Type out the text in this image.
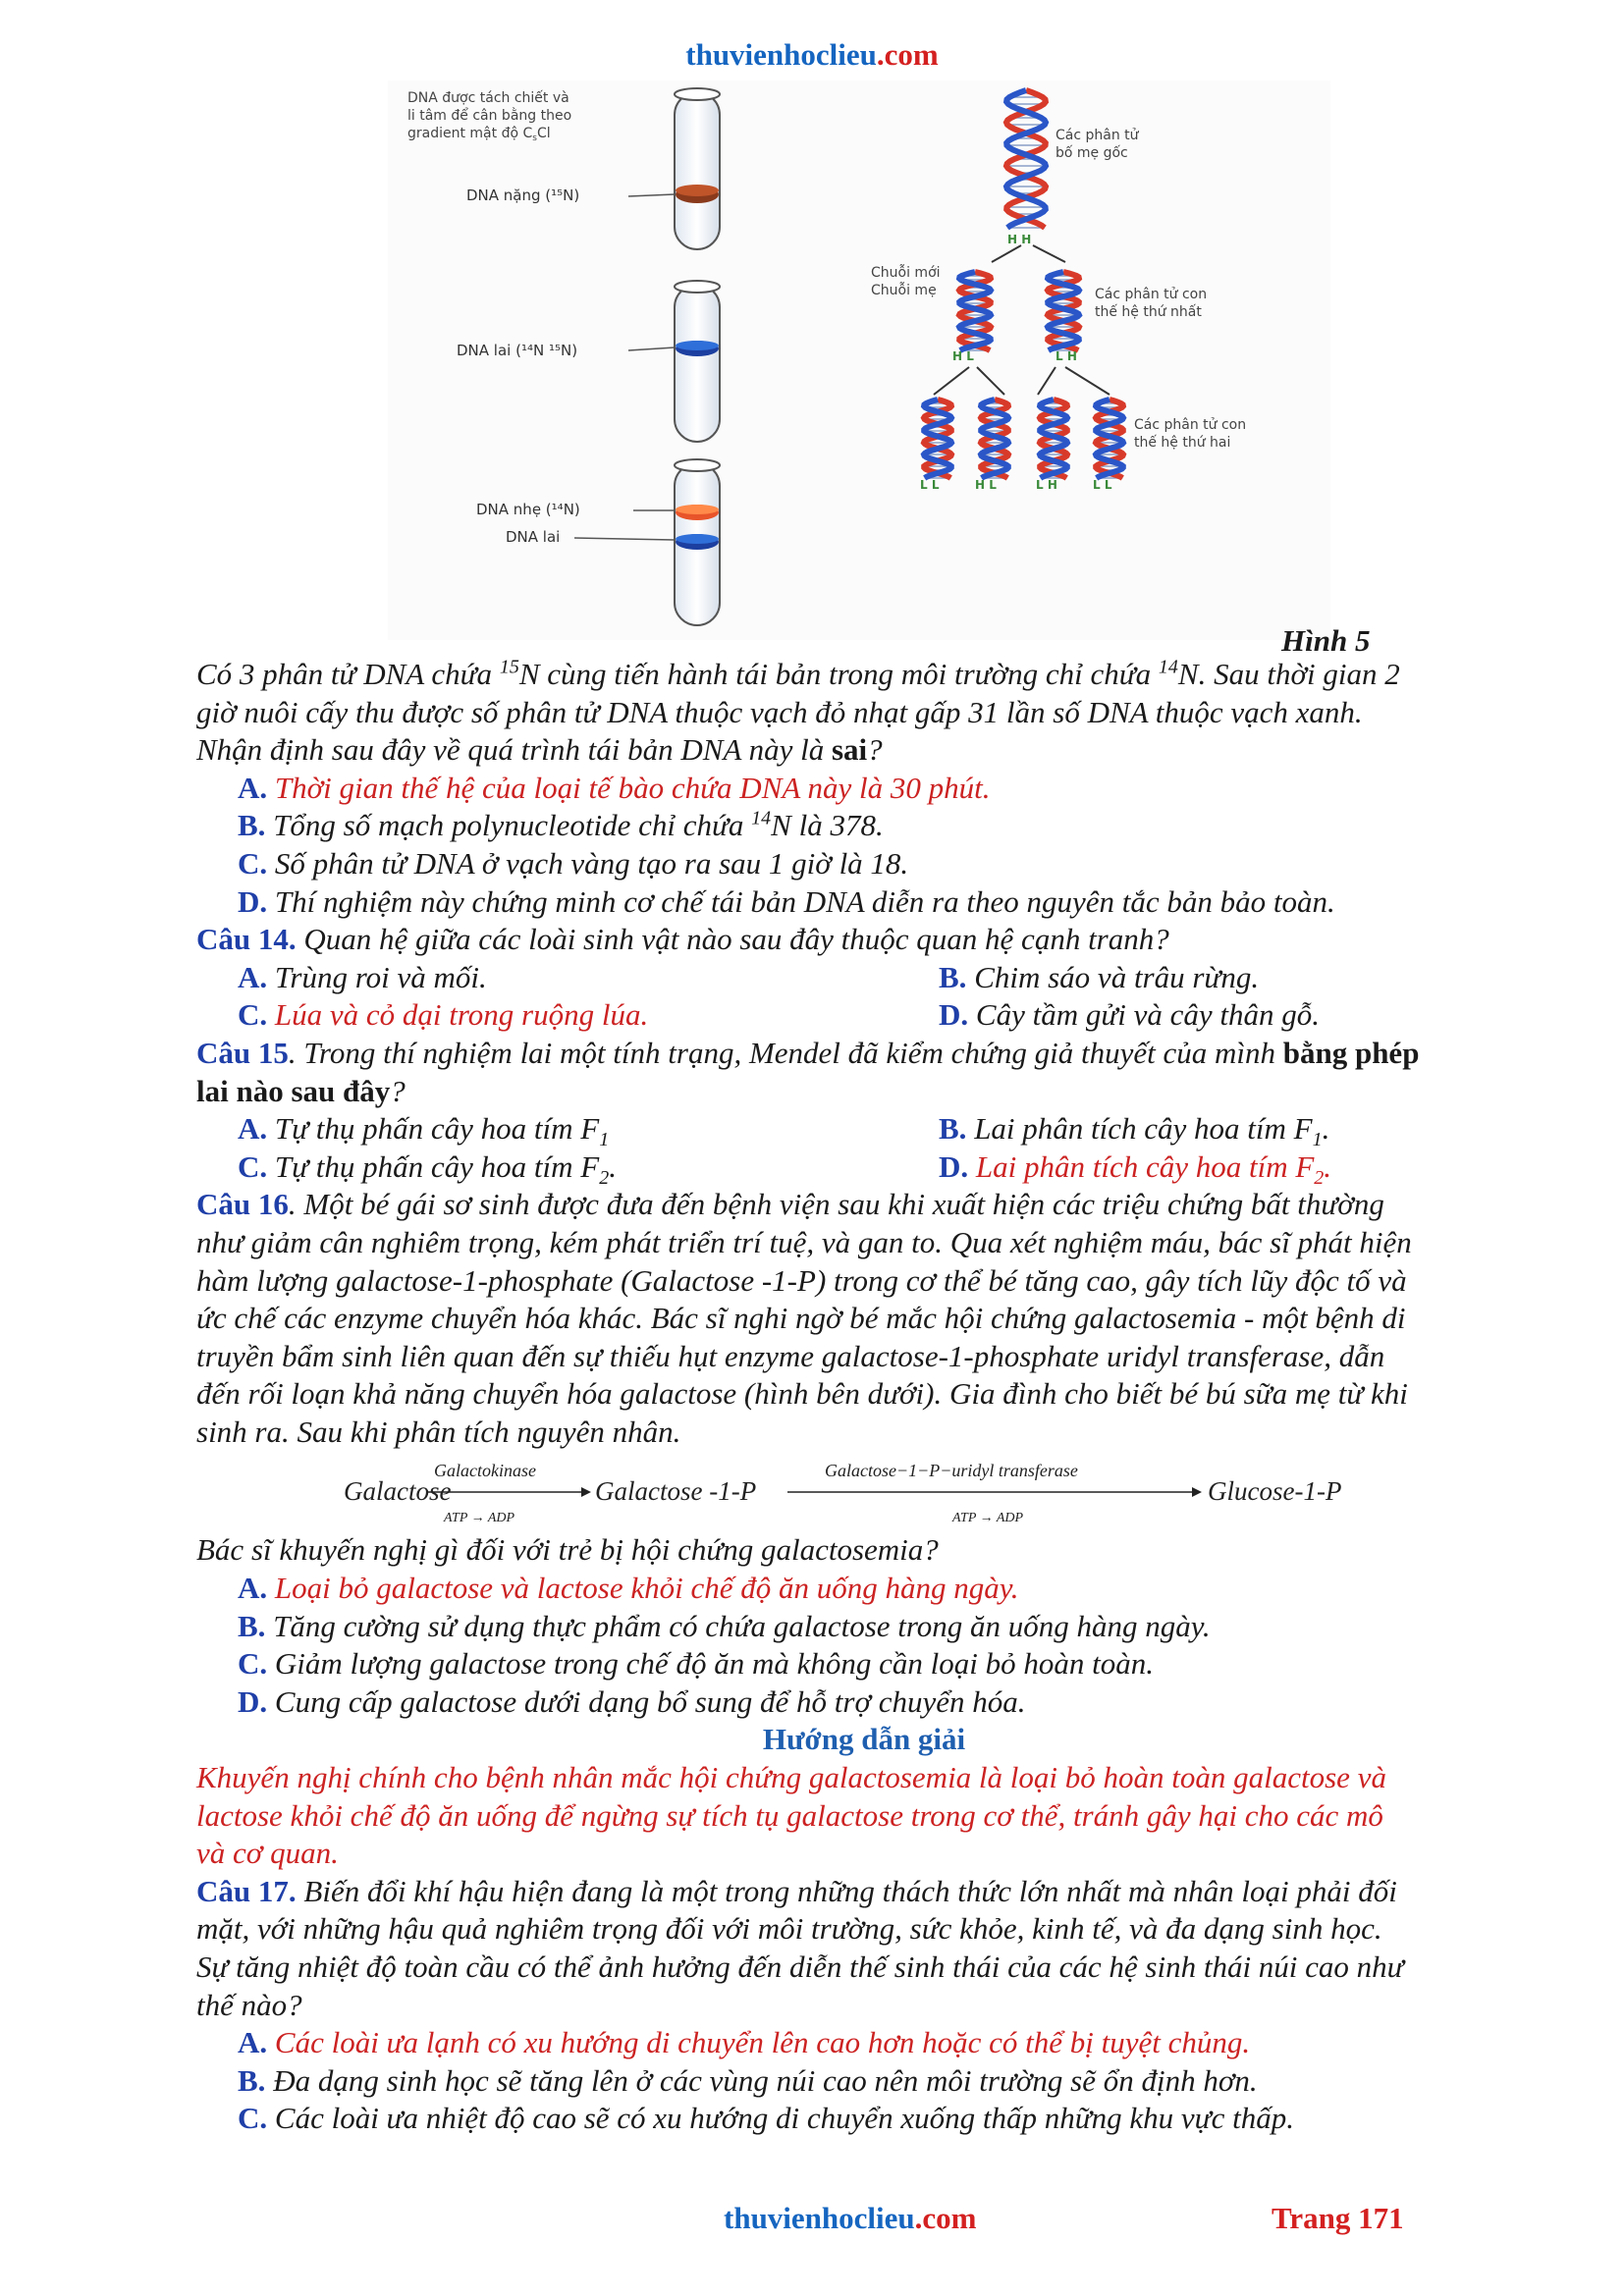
thuvienhoclieu.com
DNA được tách chiết và
li tâm để cân bằng theo
gradient mật độ $C_sCl$
DNA nặng (¹⁵N)
DNA lai (¹⁴N ¹⁵N)
DNA nhẹ (¹⁴N)
DNA lai
Các phân tử
bố mẹ gốc
H H
Chuỗi mới
Chuỗi mẹ	Các phân tử con
thế hệ thứ nhất
H L	L H
Các phân tử con
thế hệ thứ hai
L L	H L	L H	L L
Hình 5
Có 3 phân tử DNA chứa $^{15}$N cùng tiến hành tái bản trong môi trường chỉ chứa $^{14}$N. Sau thời gian 2
giờ nuôi cấy thu được số phân tử DNA thuộc vạch đỏ nhạt gấp 31 lần số DNA thuộc vạch xanh.
Nhận định sau đây về quá trình tái bản DNA này là sai?
A. Thời gian thế hệ của loại tế bào chứa DNA này là 30 phút.
B. Tổng số mạch polynucleotide chỉ chứa $^{14}$N là 378.
C. Số phân tử DNA ở vạch vàng tạo ra sau 1 giờ là 18.
D. Thí nghiệm này chứng minh cơ chế tái bản DNA diễn ra theo nguyên tắc bản bảo toàn.
Câu 14. Quan hệ giữa các loài sinh vật nào sau đây thuộc quan hệ cạnh tranh?
A. Trùng roi và mối.	B. Chim sáo và trâu rừng.
C. Lúa và cỏ dại trong ruộng lúa.	D. Cây tầm gửi và cây thân gỗ.
Câu 15. Trong thí nghiệm lai một tính trạng, Mendel đã kiểm chứng giả thuyết của mình bằng phép
lai nào sau đây?
A. Tự thụ phấn cây hoa tím $F_1$	B. Lai phân tích cây hoa tím $F_1$.
C. Tự thụ phấn cây hoa tím $F_2$.	D. Lai phân tích cây hoa tím $F_2$.
Câu 16. Một bé gái sơ sinh được đưa đến bệnh viện sau khi xuất hiện các triệu chứng bất thường
như giảm cân nghiêm trọng, kém phát triển trí tuệ, và gan to. Qua xét nghiệm máu, bác sĩ phát hiện
hàm lượng galactose-1-phosphate (Galactose -1-P) trong cơ thể bé tăng cao, gây tích lũy độc tố và
ức chế các enzyme chuyển hóa khác. Bác sĩ nghi ngờ bé mắc hội chứng galactosemia - một bệnh di
truyền bẩm sinh liên quan đến sự thiếu hụt enzyme galactose-1-phosphate uridyl transferase, dẫn
đến rối loạn khả năng chuyển hóa galactose (hình bên dưới). Gia đình cho biết bé bú sữa mẹ từ khi
sinh ra. Sau khi phân tích nguyên nhân.
Galactose
Galactokinase
ATP → ADP
Galactose -1-P
Galactose−1−P−uridyl transferase
ATP → ADP
Glucose-1-P
Bác sĩ khuyến nghị gì đối với trẻ bị hội chứng galactosemia?
A. Loại bỏ galactose và lactose khỏi chế độ ăn uống hàng ngày.
B. Tăng cường sử dụng thực phẩm có chứa galactose trong ăn uống hàng ngày.
C. Giảm lượng galactose trong chế độ ăn mà không cần loại bỏ hoàn toàn.
D. Cung cấp galactose dưới dạng bổ sung để hỗ trợ chuyển hóa.
Hướng dẫn giải
Khuyến nghị chính cho bệnh nhân mắc hội chứng galactosemia là loại bỏ hoàn toàn galactose và
lactose khỏi chế độ ăn uống để ngừng sự tích tụ galactose trong cơ thể, tránh gây hại cho các mô
và cơ quan.
Câu 17. Biến đổi khí hậu hiện đang là một trong những thách thức lớn nhất mà nhân loại phải đối
mặt, với những hậu quả nghiêm trọng đối với môi trường, sức khỏe, kinh tế, và đa dạng sinh học.
Sự tăng nhiệt độ toàn cầu có thể ảnh hưởng đến diễn thế sinh thái của các hệ sinh thái núi cao như
thế nào?
A. Các loài ưa lạnh có xu hướng di chuyển lên cao hơn hoặc có thể bị tuyệt chủng.
B. Đa dạng sinh học sẽ tăng lên ở các vùng núi cao nên môi trường sẽ ổn định hơn.
C. Các loài ưa nhiệt độ cao sẽ có xu hướng di chuyển xuống thấp những khu vực thấp.
thuvienhoclieu.com	Trang 171
